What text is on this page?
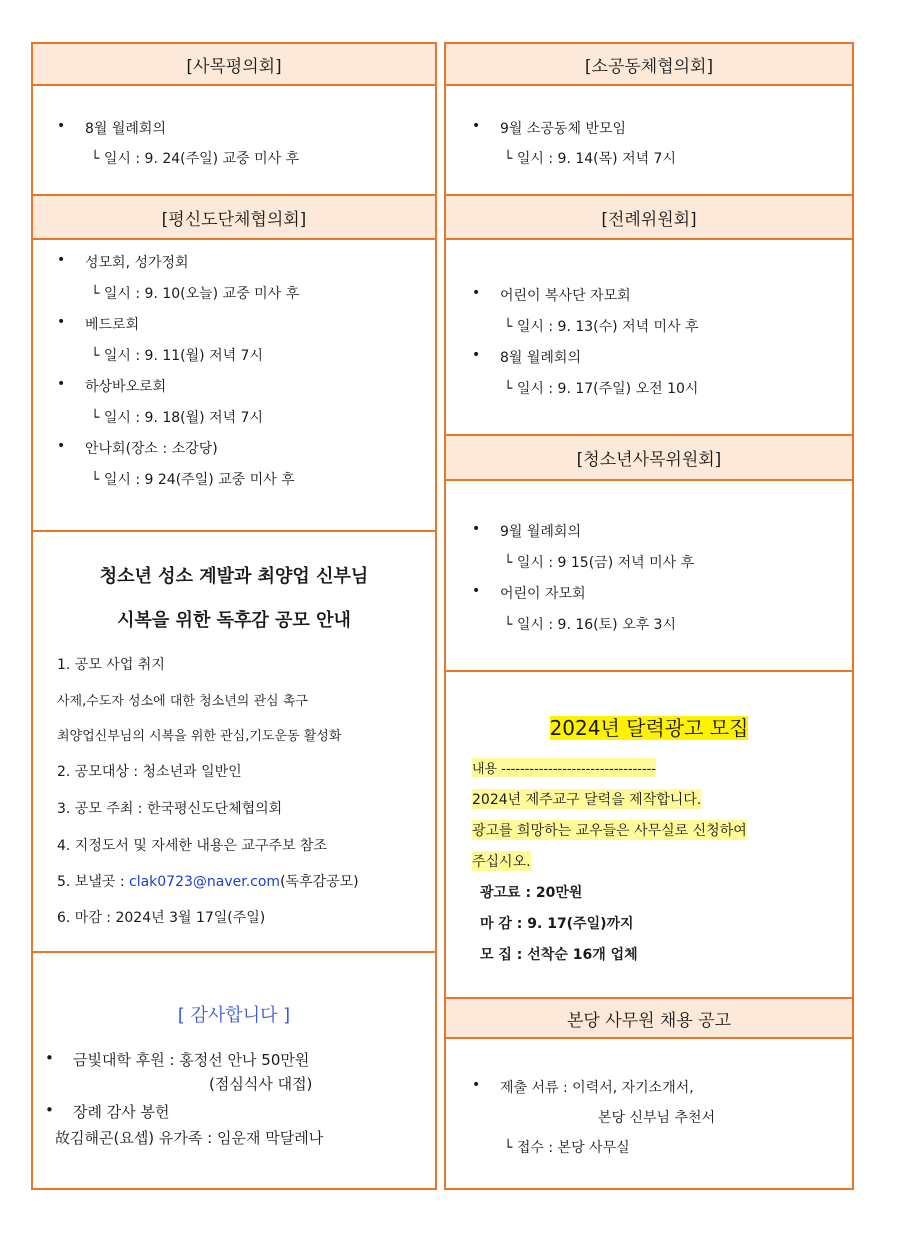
[사목평의회]
• 8월 월례회의
└ 일시 : 9. 24(주일) 교중 미사 후
[평신도단체협의회]
• 성모회, 성가정회
└ 일시 : 9. 10(오늘) 교중 미사 후
• 베드로회
└ 일시 : 9. 11(월) 저녁 7시
• 하상바오로회
└ 일시 : 9. 18(월) 저녁 7시
• 안나회(장소 : 소강당)
└ 일시 : 9 24(주일) 교중 미사 후
청소년 성소 계발과 최양업 신부님
시복을 위한 독후감 공모 안내
1. 공모 사업 취지
사제,수도자 성소에 대한 청소년의 관심 촉구
최양업신부님의 시복을 위한 관심,기도운동 활성화
2. 공모대상 : 청소년과 일반인
3. 공모 주최 : 한국평신도단체협의회
4. 지정도서 및 자세한 내용은 교구주보 참조
5. 보낼곳 : clak0723@naver.com(독후감공모)
6. 마감 : 2024년 3월 17일(주일)
[ 감사합니다 ]
• 금빛대학 후원 : 홍정선 안나 50만원
(점심식사 대접)
• 장례 감사 봉헌
故김해곤(요셉) 유가족 : 임운재 막달레나
[소공동체협의회]
• 9월 소공동체 반모임
└ 일시 : 9. 14(목) 저녁 7시
[전례위원회]
• 어린이 복사단 자모회
└ 일시 : 9. 13(수) 저녁 미사 후
• 8월 월례회의
└ 일시 : 9. 17(주일) 오전 10시
[청소년사목위원회]
• 9월 월례회의
└ 일시 : 9 15(금) 저녁 미사 후
• 어린이 자모회
└ 일시 : 9. 16(토) 오후 3시
2024년 달력광고 모집
내용 ---------------------------------
2024년 제주교구 달력을 제작합니다.
광고를 희망하는 교우들은 사무실로 신청하여
주십시오.
광고료 : 20만원
마 감 : 9. 17(주일)까지
모 집 : 선착순 16개 업체
본당 사무원 채용 공고
• 제출 서류 : 이력서, 자기소개서,
본당 신부님 추천서
└ 접수 : 본당 사무실
